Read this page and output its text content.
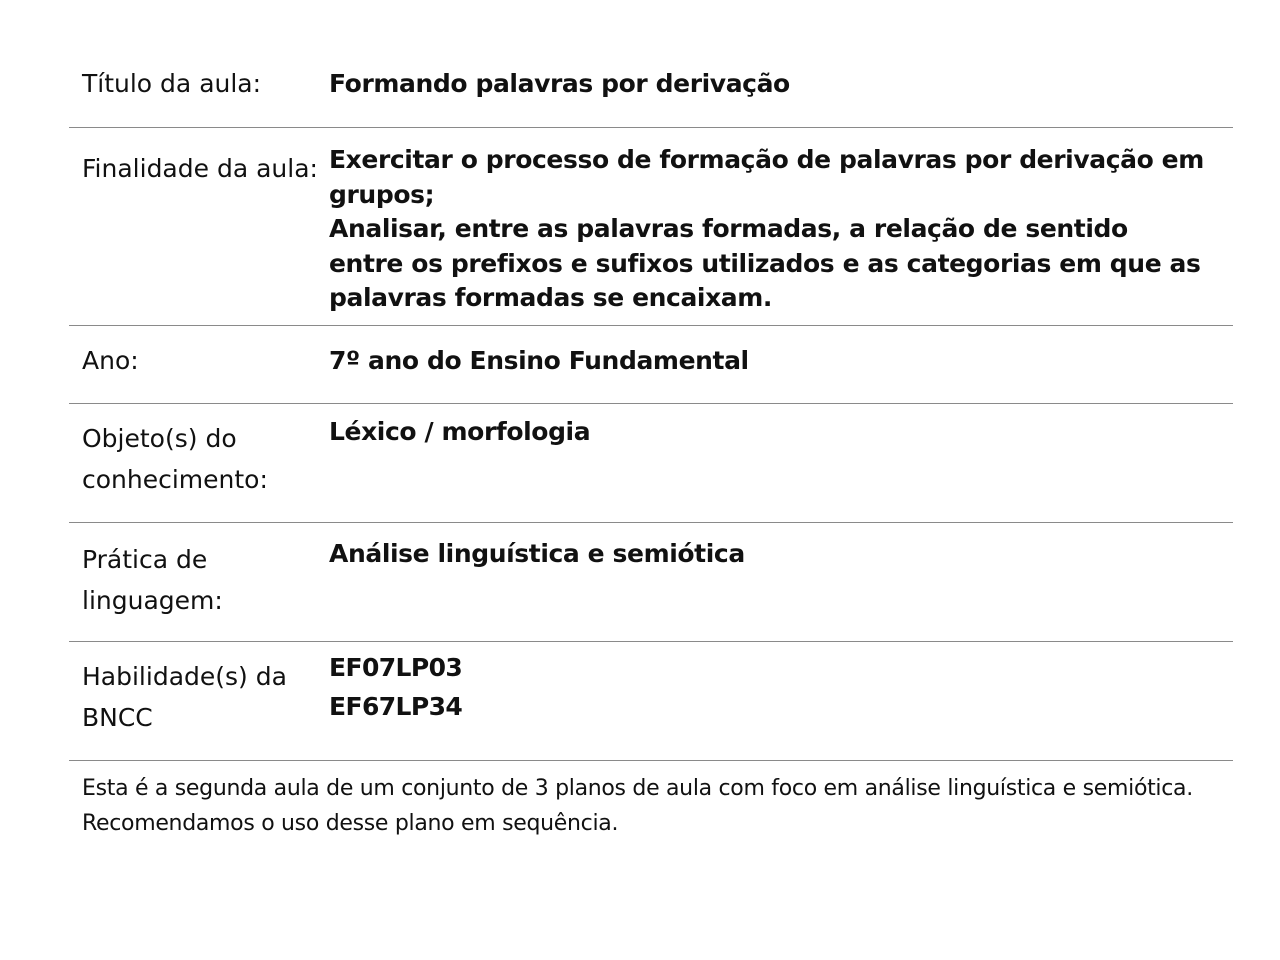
Título da aula:	Formando palavras por derivação
Finalidade da aula: Exercitar o processo de formação de palavras por derivação em grupos;
Analisar, entre as palavras formadas, a relação de sentido entre os prefixos e sufixos utilizados e as categorias em que as palavras formadas se encaixam.
Ano:	7º ano do Ensino Fundamental
Objeto(s) do conhecimento:
Léxico / morfologia
Prática de linguagem:
Análise linguística e semiótica
Habilidade(s) da BNCC
EF07LP03
EF67LP34
Esta é a segunda aula de um conjunto de 3 planos de aula com foco em análise linguística e semiótica. Recomendamos o uso desse plano em sequência.
